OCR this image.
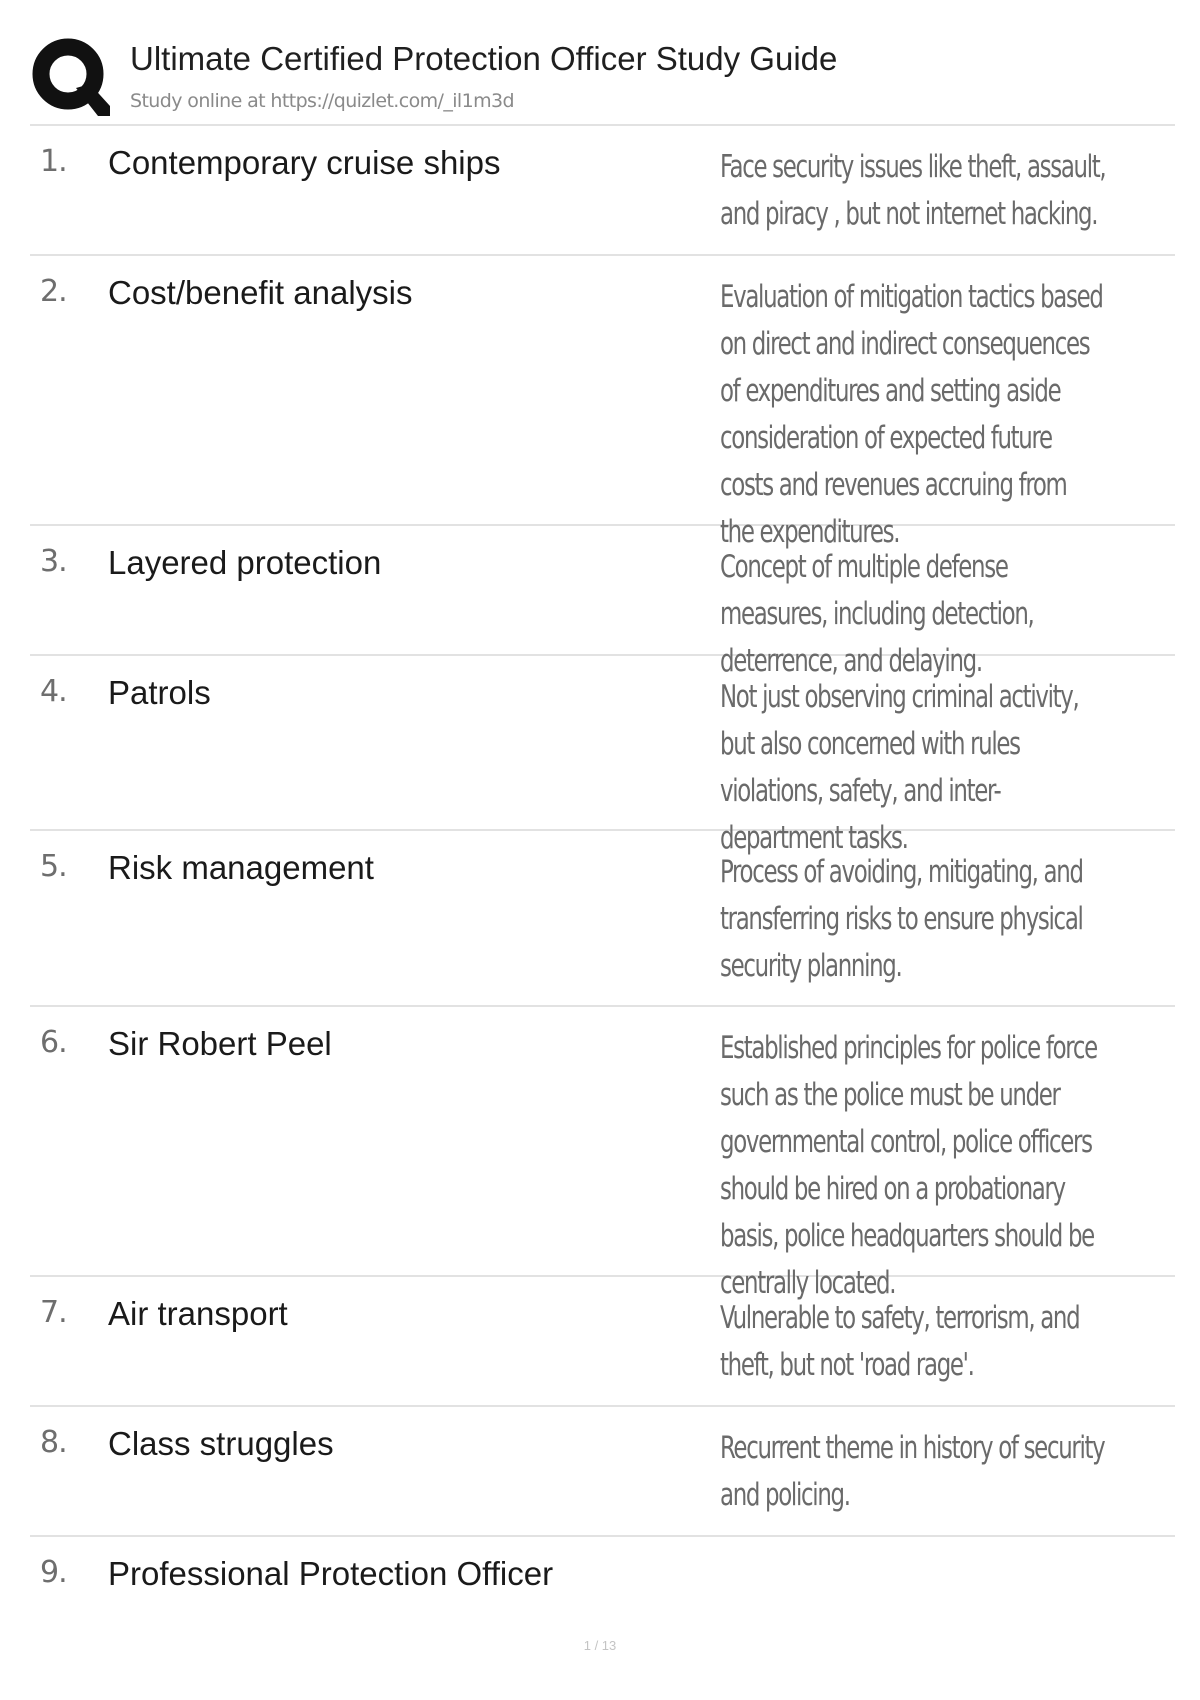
Ultimate Certified Protection Officer Study Guide
Study online at https://quizlet.com/_il1m3d
1. Contemporary cruise ships	Face security issues like theft, assault, and piracy , but not internet hacking.
2. Cost/benefit analysis	Evaluation of mitigation tactics based on direct and indirect consequences of expenditures and setting aside consideration of expected future costs and revenues accruing from the expenditures.
3. Layered protection	Concept of multiple defense measures, including detection, deterrence, and delaying.
4. Patrols	Not just observing criminal activity, but also concerned with rules violations, safety, and inter-department tasks.
5. Risk management	Process of avoiding, mitigating, and transferring risks to ensure physical security planning.
6. Sir Robert Peel	Established principles for police force such as the police must be under governmental control, police officers should be hired on a probationary basis, police headquarters should be centrally located.
7. Air transport	Vulnerable to safety, terrorism, and theft, but not 'road rage'.
8. Class struggles	Recurrent theme in history of security and policing.
9. Professional Protection Officer
1 / 13
